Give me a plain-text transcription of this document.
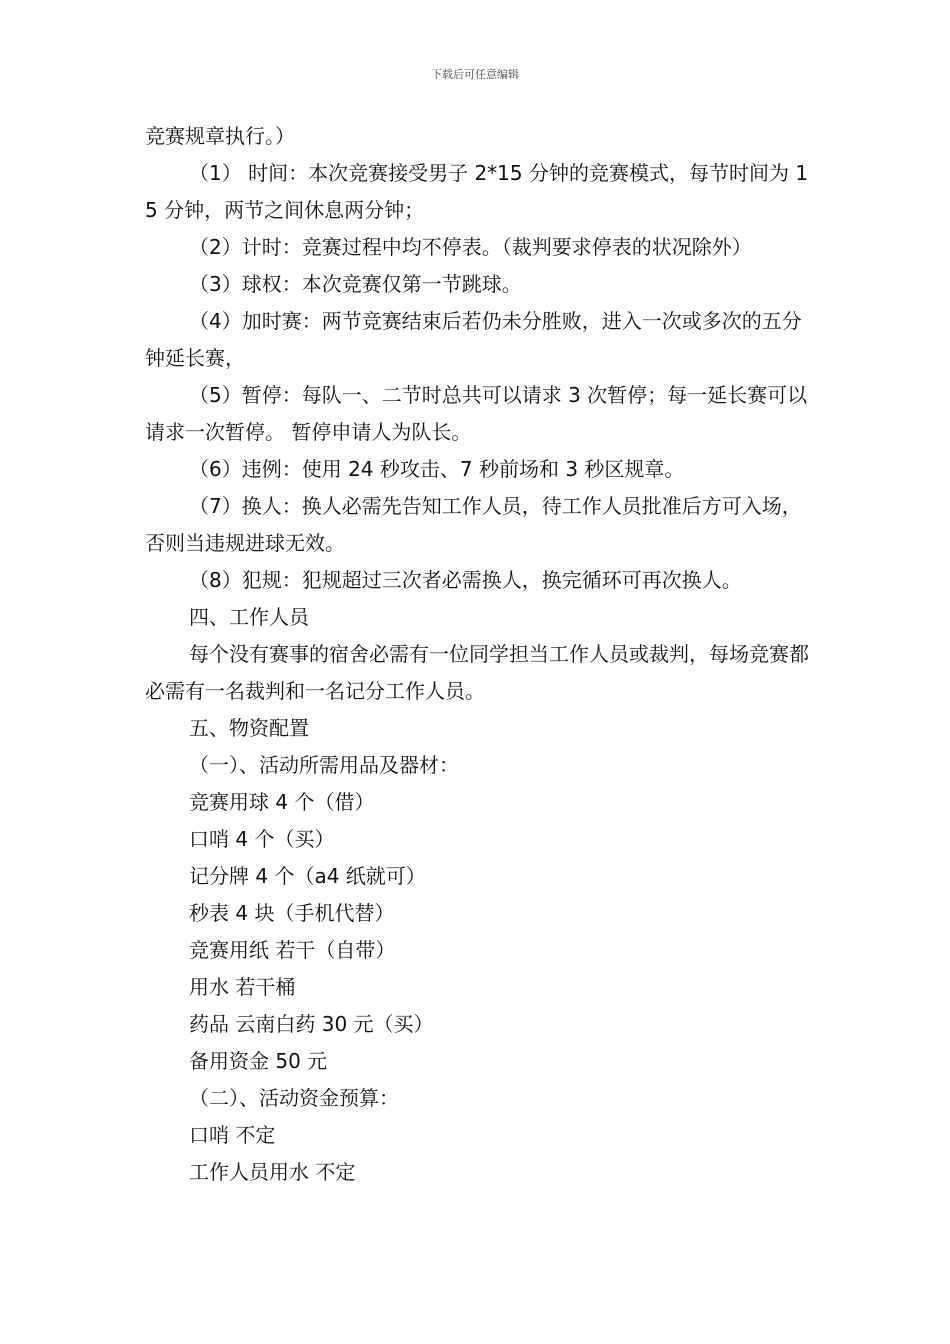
下载后可任意编辑

竞赛规章执行。）

（1） 时间：本次竞赛接受男子 2*15 分钟的竞赛模式，每节时间为 15 分钟，两节之间休息两分钟；

（2）计时：竞赛过程中均不停表。（裁判要求停表的状况除外）

（3）球权：本次竞赛仅第一节跳球。

（4）加时赛：两节竞赛结束后若仍未分胜败，进入一次或多次的五分钟延长赛，

（5）暂停：每队一、二节时总共可以请求 3 次暂停；每一延长赛可以请求一次暂停。 暂停申请人为队长。

（6）违例：使用 24 秒攻击、7 秒前场和 3 秒区规章。

（7）换人：换人必需先告知工作人员，待工作人员批准后方可入场，否则当违规进球无效。

（8）犯规：犯规超过三次者必需换人，换完循环可再次换人。

四、工作人员

每个没有赛事的宿舍必需有一位同学担当工作人员或裁判，每场竞赛都必需有一名裁判和一名记分工作人员。

五、物资配置

（一）、活动所需用品及器材：

竞赛用球 4 个（借）

口哨 4 个（买）

记分牌 4 个（a4 纸就可）

秒表 4 块（手机代替）

竞赛用纸 若干（自带）

用水 若干桶

药品 云南白药 30 元（买）

备用资金 50 元

（二）、活动资金预算：

口哨 不定

工作人员用水 不定
